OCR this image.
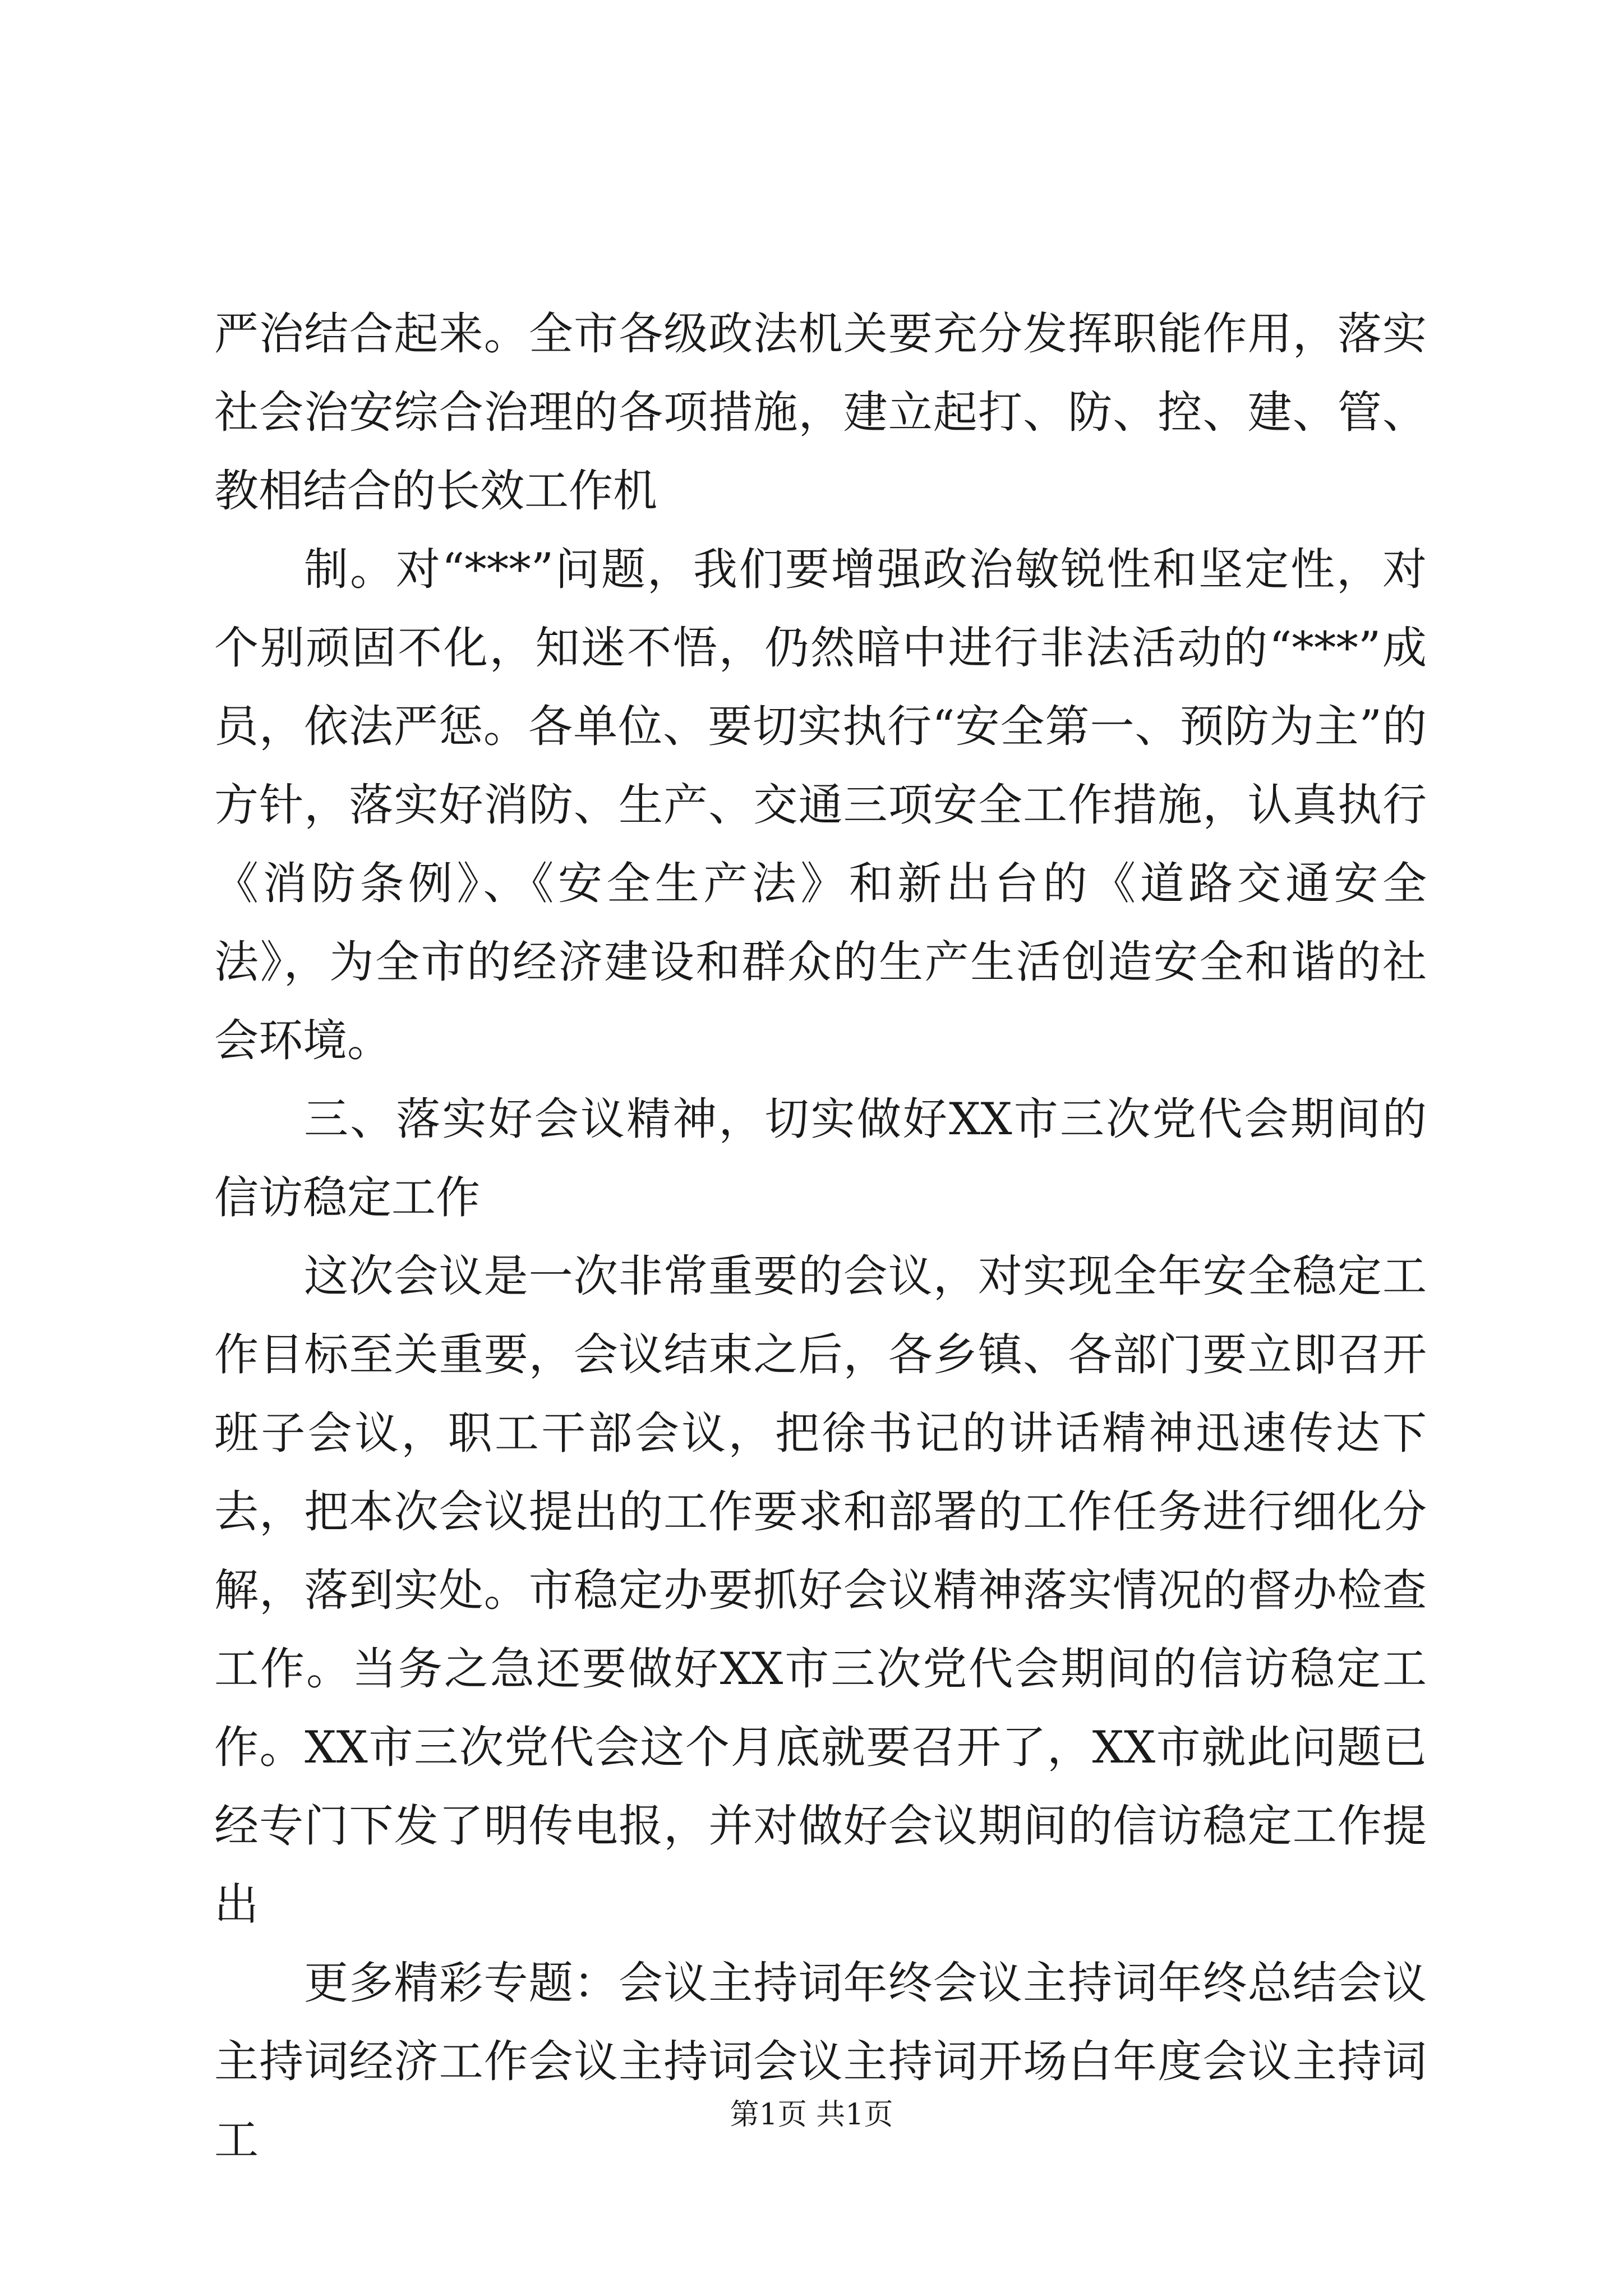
严治结合起来。全市各级政法机关要充分发挥职能作用，落实社会治安综合治理的各项措施，建立起打、防、控、建、管、教相结合的长效工作机

制。对“***”问题，我们要增强政治敏锐性和坚定性，对个别顽固不化，知迷不悟，仍然暗中进行非法活动的“***”成员，依法严惩。各单位、要切实执行“安全第一、预防为主”的方针，落实好消防、生产、交通三项安全工作措施，认真执行《消防条例》、《安全生产法》和新出台的《道路交通安全法》，为全市的经济建设和群众的生产生活创造安全和谐的社会环境。

三、落实好会议精神，切实做好XX市三次党代会期间的信访稳定工作

这次会议是一次非常重要的会议，对实现全年安全稳定工作目标至关重要，会议结束之后，各乡镇、各部门要立即召开班子会议，职工干部会议，把徐书记的讲话精神迅速传达下去，把本次会议提出的工作要求和部署的工作任务进行细化分解，落到实处。市稳定办要抓好会议精神落实情况的督办检查工作。当务之急还要做好XX市三次党代会期间的信访稳定工作。XX市三次党代会这个月底就要召开了，XX市就此问题已经专门下发了明传电报，并对做好会议期间的信访稳定工作提出

更多精彩专题：会议主持词年终会议主持词年终总结会议主持词经济工作会议主持词会议主持词开场白年度会议主持词工	第1页 共1页
